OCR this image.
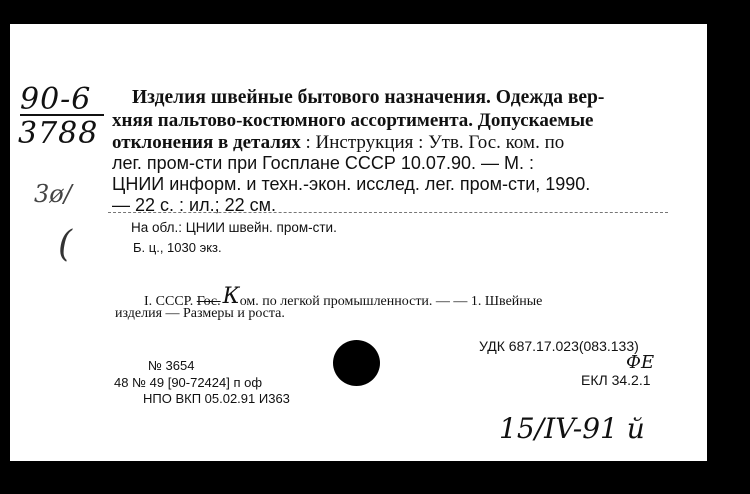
90-6
3788
3ø/
(
Изделия швейные бытового назначения. Одежда вер-
хняя пальтово-костюмного ассортимента. Допускаемые
отклонения в деталях : Инструкция : Утв. Гос. ком. по
лег. пром-сти при Госплане СССР 10.07.90. — М. :
ЦНИИ информ. и техн.-экон. исслед. лег. пром-сти, 1990.
— 22 с. : ил.; 22 см.
На обл.: ЦНИИ швейн. пром-сти.
Б. ц., 1030 экз.
I. СССР. Гос.Ком. по легкой промышленности. — — 1. Швейные
изделия — Размеры и роста.
УДК 687.17.023(083.133)
ФЕ
ЕКЛ 34.2.1
№ 3654
48 № 49 [90-72424] п оф
НПО ВКП 05.02.91 И363
15/IV-91 й
